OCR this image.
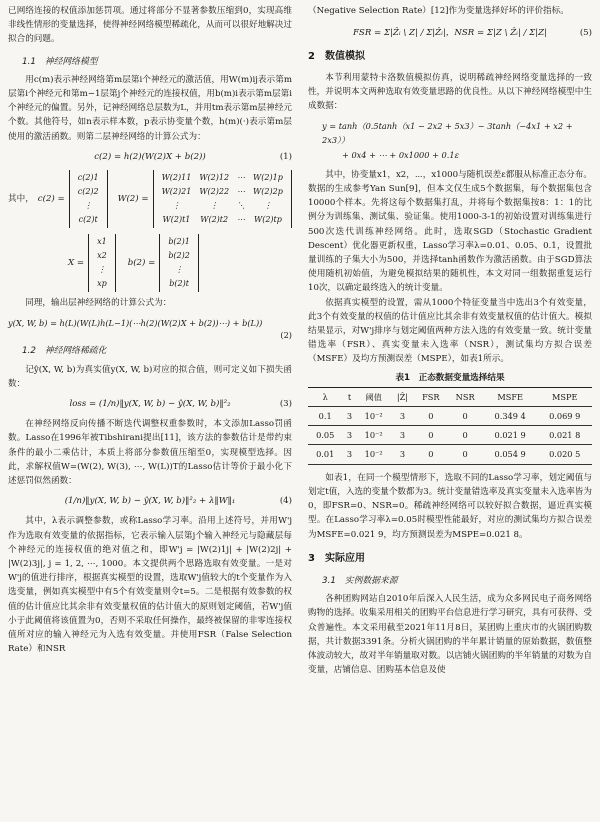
已网络连接的权值添加惩罚项。通过将部分不显著参数压缩到0，实现高维非线性情形的变量选择，使得神经网络模型稀疏化，从而可以很好地解决过拟合的问题。

1.1　神经网络模型

用c(m)表示神经网络第m层第i个神经元的激活值，用W(m)ij表示第m层第i个神经元和第m−1层第j个神经元的连接权值，用b(m)i表示第m层第i个神经元的偏置。另外，记神经网络总层数为L，并用tm表示第m层神经元个数。其他符号，如n表示样本数，p表示协变量个数，h(m)(·)表示第m层使用的激活函数。则第二层神经网络的计算公式为：

c(2) = h(2)(W(2)X + b(2))	(1)
其中， c(2) =
c(2)1
c(2)2
⋮
c(2)t
W(2) =
W(2)11	W(2)12	⋯	W(2)1p
W(2)21	W(2)22	⋯	W(2)2p
⋮	⋮	⋱	⋮
W(2)t1	W(2)t2	⋯	W(2)tp
X =
x1
x2
⋮
xp
b(2) =
b(2)1
b(2)2
⋮
b(2)t

同理，输出层神经网络的计算公式为：

y(X, W, b) = h(L)(W(L)h(L−1)(⋯h(2)(W(2)X + b(2))⋯) + b(L))
(2)
1.2　神经网络稀疏化

记ŷ(X, W, b)为真实值y(X, W, b)对应的拟合值，则可定义如下损失函数：

loss = (1/n)‖y(X, W, b) − ŷ(X, W, b)‖²₂	(3)

在神经网络反向传播不断迭代调整权重参数时，本文添加Lasso罚函数。Lasso在1996年被Tibshirani提出[11]，该方法的参数估计是带约束条件的最小二乘估计，本质上将部分参数值压缩至0，实现模型选择。因此，求解权值W=(W(2), W(3), ⋯, W(L))T的Lasso估计等价于最小化下述惩罚似然函数：

(1/n)‖y(X, W, b) − ŷ(X, W, b)‖²₂ + λ‖W‖₁	(4)

其中，λ表示调整参数，或称Lasso学习率。沿用上述符号，并用W'j作为选取有效变量的依据指标，它表示输入层第j个输入神经元与隐藏层每个神经元的连接权值的绝对值之和，即W'j = |W(2)1j| + |W(2)2j| + |W(2)3j|, j = 1, 2, ⋯, 1000。本文提供两个思路选取有效变量。一是对W'j的值进行排序，根据真实模型的设置，选取W'j值较大的t个变量作为入选变量，例如真实模型中有5个有效变量则令t=5。二是根据有效参数的权值的估计值应比其余非有效变量权值的估计值大的原则划定阈值，若W'j值小于此阈值将该值置为0，否则不采取任何操作，最终被保留的非零连接权值所对应的输入神经元为入选有效变量。并使用FSR（False Selection Rate）和NSR

（Negative Selection Rate）[12]作为变量选择好坏的评价指标。

FSR = Σ|Ẑᵢ \ Z| / Σ|Ẑᵢ|，NSR = Σ|Z \ Ẑᵢ| / Σ|Z|	(5)
2　数值模拟

本节利用蒙特卡洛数值模拟仿真，说明稀疏神经网络变量选择的一致性，并说明本文两种选取有效变量思路的优良性。从以下神经网络模型中生成数据：

y = tanh（0.5tanh（x1 − 2x2 + 5x3）− 3tanh（−4x1 + x2 + 2x3））
+ 0x4 + ⋯ + 0x1000 + 0.1ε

其中，协变量x1，x2，⋯，x1000与随机误差ε都服从标准正态分布。数据的生成参考Yan Sun[9]，但本文仅生成5个数据集，每个数据集包含10000个样本。先将这每个数据集打乱，并将每个数据集按8：1：1的比例分为训练集、测试集、验证集。使用1000-3-1的初始设置对训练集进行500次迭代训练神经网络。此时，选取SGD（Stochastic Gradient Descent）优化器更新权重，Lasso学习率λ=0.01、0.05、0.1，设置批量训练的子集大小为500，并选择tanh函数作为激活函数。由于SGD算法使用随机初始值，为避免模拟结果的随机性，本文对同一组数据重复运行10次，以确定最终选入的统计变量。

依据真实模型的设置，需从1000个特征变量当中选出3个有效变量，此3个有效变量的权值的估计值应比其余非有效变量权值的估计值大。模拟结果显示，对W'j排序与划定阈值两种方法入选的有效变量一致。统计变量错选率（FSR）、真实变量未入选率（NSR），测试集均方拟合误差（MSFE）及均方预测误差（MSPE），如表1所示。

表1　正态数据变量选择结果
λ	t	阈值	|Ẑ|	FSR	NSR	MSFE	MSPE
0.1	3	10⁻²	3	0	0	0.349 4	0.069 9
0.05	3	10⁻²	3	0	0	0.021 9	0.021 8
0.01	3	10⁻²	3	0	0	0.054 9	0.020 5

如表1，在同一个模型情形下，选取不同的Lasso学习率，划定阈值与划定t值，入选的变量个数都为3。统计变量错选率及真实变量未入选率皆为0，即FSR=0、NSR=0。稀疏神经网络可以较好拟合数据，逼近真实模型。在Lasso学习率λ=0.05时模型性能最好，对应的测试集均方拟合误差为MSFE=0.021 9，均方预测误差为MSPE=0.021 8。

3　实际应用
3.1　实例数据来源

各种团购网站自2010年后深入人民生活，成为众多网民电子商务网络购物的选择。收集采用相关的团购平台信息进行学习研究，具有可获得、受众普遍性。本文采用截至2021年11月8日，某团购上重庆市的火锅团购数据，共计数据3391条。分析火锅团购的半年累计销量的原始数据，数值整体波动较大，故对半年销量取对数。以店铺火锅团购的半年销量的对数为自变量，店铺信息、团购基本信息及使
